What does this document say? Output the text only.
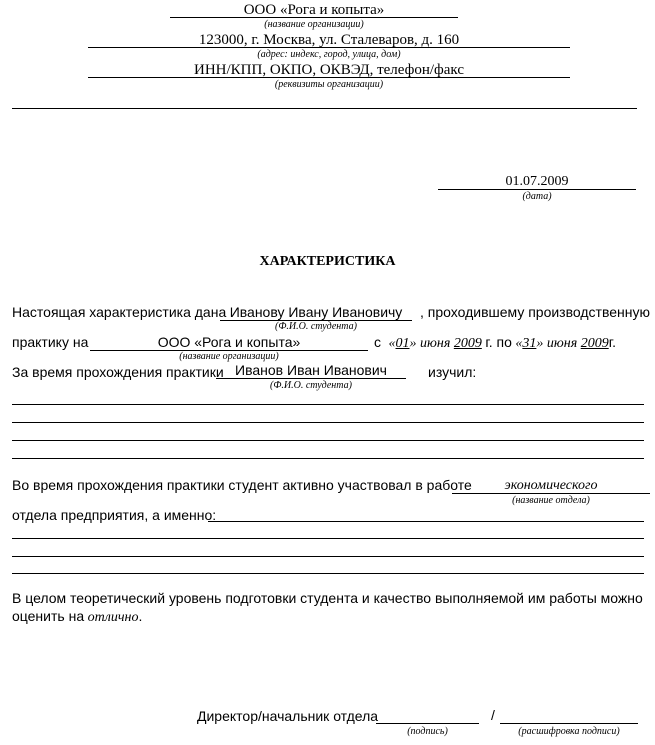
ООО «Рога и копыта»
(название организации)
123000, г. Москва, ул. Сталеваров, д. 160
(адрес: индекс, город, улица, дом)
ИНН/КПП, ОКПО, ОКВЭД, телефон/факс
(реквизиты организации)
01.07.2009
(дата)
ХАРАКТЕРИСТИКА
Настоящая характеристика дана Иванову Ивану Ивановичу
(Ф.И.О. студента)
, проходившему производственную
практику на	ООО «Рога и копыта»
(название организации)
с «01» июня 2009 г. по «31» июня 2009г.
За время прохождения практики Иванов Иван Иванович
(Ф.И.О. студента)
изучил:
Во время прохождения практики студент активно участвовал в работе	экономического
(название отдела)
отдела предприятия, а именно:
В целом теоретический уровень подготовки студента и качество выполняемой им работы можно
оценить на отлично.
Директор/начальник отдела
(подпись)
/
(расшифровка подписи)
